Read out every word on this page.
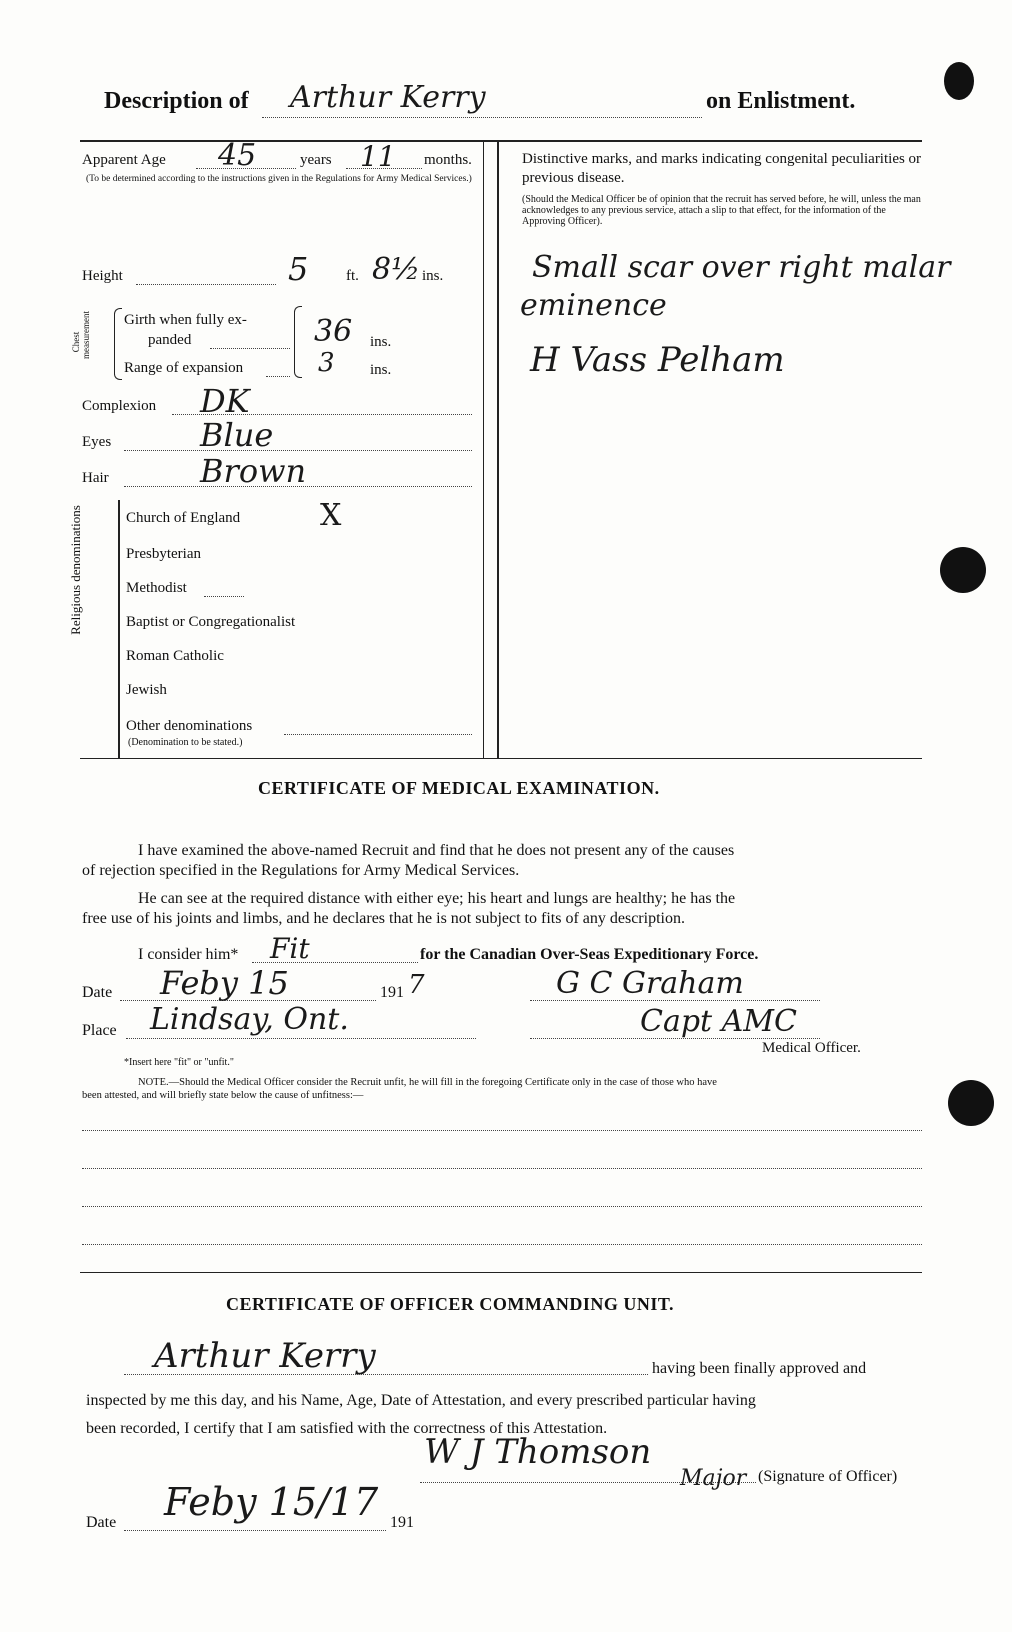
Description of Arthur Kerry	on Enlistment.
Apparent Age 45	years 11 months.
(To be determined according to the instructions given in the Regulations for Army Medical Services.)
Height	5	ft. 8½ ins.
Chest measurement Girth when fully ex-
panded	36 ins.
Range of expansion	3 ins.
Complexion DK
Eyes	Blue
Hair	Brown
Religious denominations	Church of England	X
Presbyterian
Methodist
Baptist or Congregationalist
Roman Catholic
Jewish
Other denominations
(Denomination to be stated.)
Distinctive marks, and marks indicating congenital peculiarities or previous disease.
(Should the Medical Officer be of opinion that the recruit has served before, he will, unless the man acknowledges to any previous service, attach a slip to that effect, for the information of the Approving Officer).
Small scar over right malar
eminence
H Vass Pelham
CERTIFICATE OF MEDICAL EXAMINATION.
I have examined the above-named Recruit and find that he does not present any of the causes
of rejection specified in the Regulations for Army Medical Services.
He can see at the required distance with either eye; his heart and lungs are healthy; he has the
free use of his joints and limbs, and he declares that he is not subject to fits of any description.
I consider him* Fit	for the Canadian Over-Seas Expeditionary Force.
Date Feby 15	191 7	G C Graham
Place Lindsay, Ont.	Capt AMC
Medical Officer.
*Insert here "fit" or "unfit."
NOTE.—Should the Medical Officer consider the Recruit unfit, he will fill in the foregoing Certificate only in the case of those who have
been attested, and will briefly state below the cause of unfitness:—
CERTIFICATE OF OFFICER COMMANDING UNIT.
Arthur Kerry	having been finally approved and
inspected by me this day, and his Name, Age, Date of Attestation, and every prescribed particular having
been recorded, I certify that I am satisfied with the correctness of this Attestation.
W J Thomson
Major (Signature of Officer)
Date Feby 15/17 191
